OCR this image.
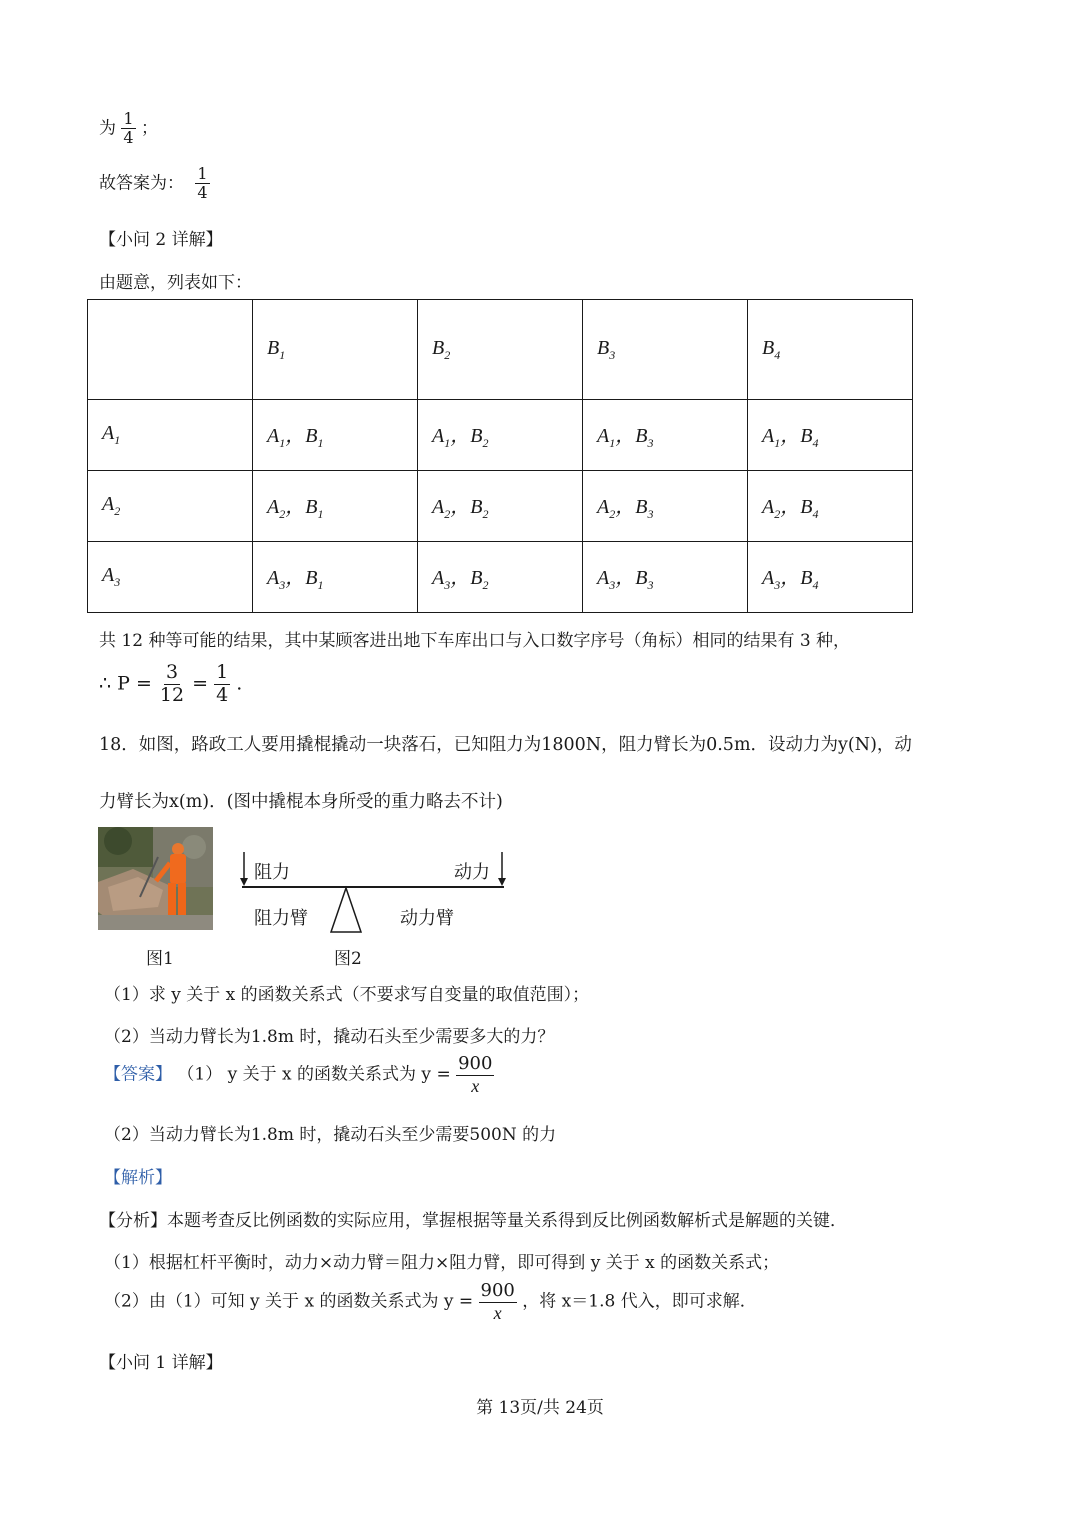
为 $\frac{1}{4}$ ；
故答案为： $\frac{1}{4}$
【小问 2 详解】
由题意，列表如下：
	$B_1$	$B_2$	$B_3$	$B_4$
$A_1$	$A_1$，$B_1$	$A_1$，$B_2$	$A_1$，$B_3$	$A_1$，$B_4$
$A_2$	$A_2$，$B_1$	$A_2$，$B_2$	$A_2$，$B_3$	$A_2$，$B_4$
$A_3$	$A_3$，$B_1$	$A_3$，$B_2$	$A_3$，$B_3$	$A_3$，$B_4$
共 12 种等可能的结果，其中某顾客进出地下车库出口与入口数字序号（角标）相同的结果有 3 种，
∴ $P = \frac{3}{12} = \frac{1}{4}$ .
18．如图，路政工人要用撬棍撬动一块落石，已知阻力为1800N，阻力臂长为0.5m．设动力为y(N)，动
力臂长为x(m)．(图中撬棍本身所受的重力略去不计)
图1
阻力	动力
阻力臂	动力臂
图2
（1）求 y 关于 x 的函数关系式（不要求写自变量的取值范围）；
（2）当动力臂长为1.8m 时，撬动石头至少需要多大的力？
【答案】 （1） y 关于 x 的函数关系式为 $y = \frac{900}{x}$
（2）当动力臂长为1.8m 时，撬动石头至少需要500N 的力
【解析】
【分析】本题考查反比例函数的实际应用，掌握根据等量关系得到反比例函数解析式是解题的关键．
（1）根据杠杆平衡时，动力×动力臂＝阻力×阻力臂，即可得到 y 关于 x 的函数关系式；
（2）由（1）可知 y 关于 x 的函数关系式为 $y = \frac{900}{x}$ ，将 x＝1.8 代入，即可求解．
【小问 1 详解】
第 13页/共 24页
